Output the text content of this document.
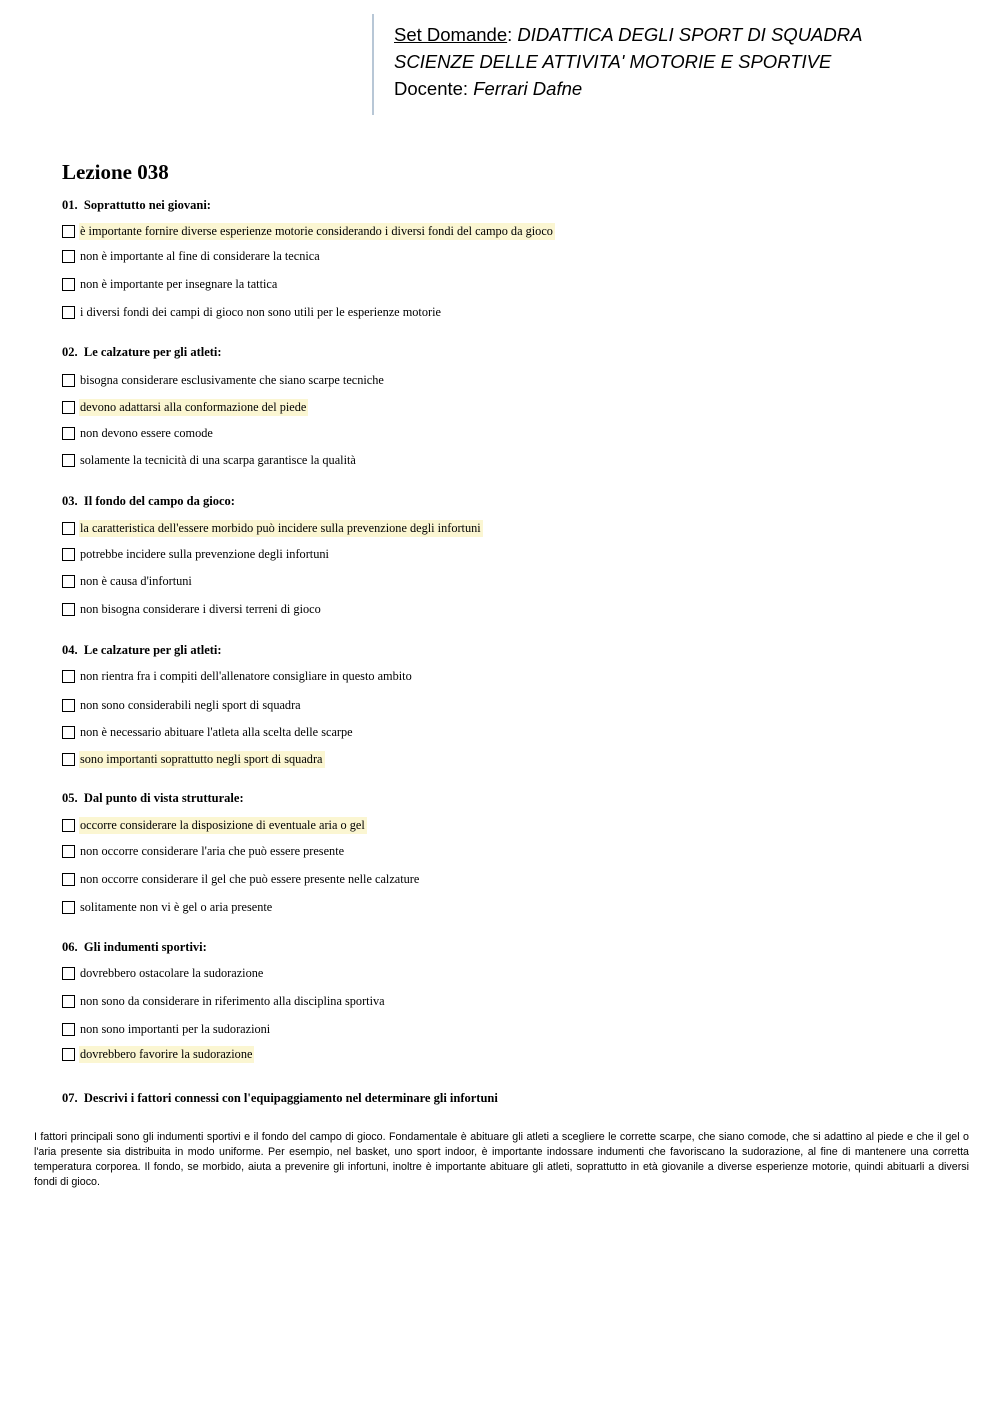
Set Domande: DIDATTICA DEGLI SPORT DI SQUADRA
SCIENZE DELLE ATTIVITA' MOTORIE E SPORTIVE
Docente: Ferrari Dafne
Lezione 038
01. Soprattutto nei giovani:
è importante fornire diverse esperienze motorie considerando i diversi fondi del campo da gioco
non è importante al fine di considerare la tecnica
non è importante per insegnare la tattica
i diversi fondi dei campi di gioco non sono utili per le esperienze motorie
02. Le calzature per gli atleti:
bisogna considerare esclusivamente che siano scarpe tecniche
devono adattarsi alla conformazione del piede
non devono essere comode
solamente la tecnicità di una scarpa garantisce la qualità
03. Il fondo del campo da gioco:
la caratteristica dell'essere morbido può incidere sulla prevenzione degli infortuni
potrebbe incidere sulla prevenzione degli infortuni
non è causa d'infortuni
non bisogna considerare i diversi terreni di gioco
04. Le calzature per gli atleti:
non rientra fra i compiti dell'allenatore consigliare in questo ambito
non sono considerabili negli sport di squadra
non è necessario abituare l'atleta alla scelta delle scarpe
sono importanti soprattutto negli sport di squadra
05. Dal punto di vista strutturale:
occorre considerare la disposizione di eventuale aria o gel
non occorre considerare l'aria che può essere presente
non occorre considerare il gel che può essere presente nelle calzature
solitamente non vi è gel o aria presente
06. Gli indumenti sportivi:
dovrebbero ostacolare la sudorazione
non sono da considerare in riferimento alla disciplina sportiva
non sono importanti per la sudorazioni
dovrebbero favorire la sudorazione
07. Descrivi i fattori connessi con l'equipaggiamento nel determinare gli infortuni
I fattori principali sono gli indumenti sportivi e il fondo del campo di gioco. Fondamentale è abituare gli atleti a scegliere le corrette scarpe, che siano comode, che si adattino al piede e che il gel o l'aria presente sia distribuita in modo uniforme. Per esempio, nel basket, uno sport indoor, è importante indossare indumenti che favoriscano la sudorazione, al fine di mantenere una corretta temperatura corporea. Il fondo, se morbido, aiuta a prevenire gli infortuni, inoltre è importante abituare gli atleti, soprattutto in età giovanile a diverse esperienze motorie, quindi abituarli a diversi fondi di gioco.
